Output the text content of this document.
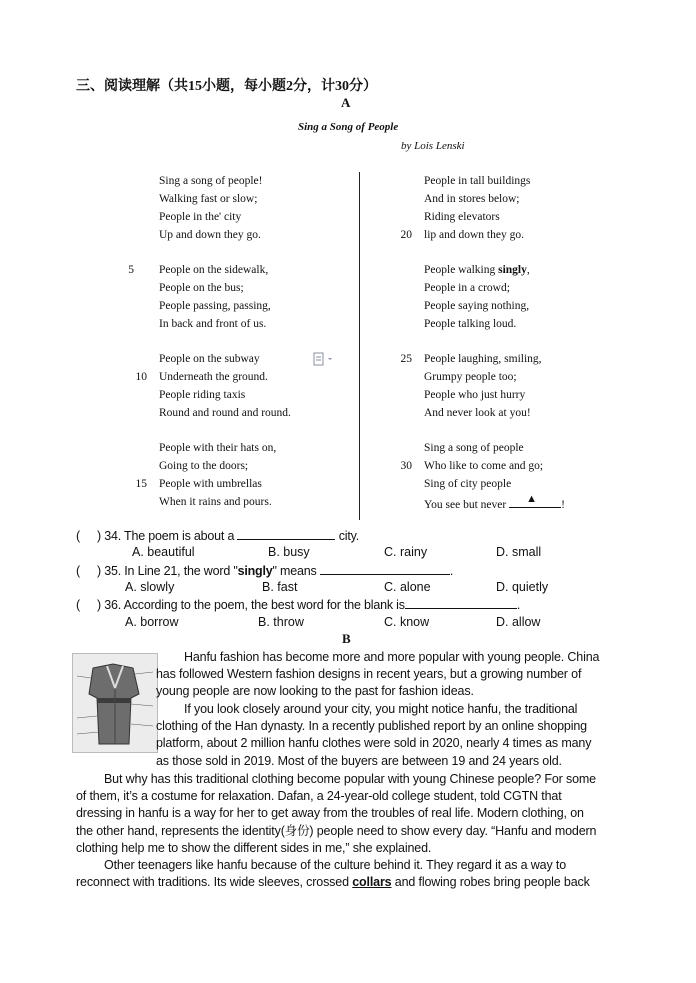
三、阅读理解（共15小题，每小题2分，计30分）
A
Sing a Song of People
by Lois Lenski
Sing a song of people!
Walking fast or slow;
People in the' city
Up and down they go.
People on the sidewalk,
People on the bus;
People passing, passing,
In back and front of us.
People on the subway
Underneath the ground.
People riding taxis
Round and round and round.
People with their hats on,
Going to the doors;
People with umbrellas
When it rains and pours.
5
10
15
20
25
30
People in tall buildings
And in stores below;
Riding elevators
lip and down they go.
People walking singly,
People in a crowd;
People saying nothing,
People talking loud.
People laughing, smiling,
Grumpy people too;
People who just hurry
And never look at you!
Sing a song of people
Who like to come and go;
Sing of city people
You see but never ▲ !
( ) 34. The poem is about a	city.
A. beautiful	B. busy	C. rainy	D. small
( ) 35. In Line 21, the word "singly" means	.
A. slowly	B. fast	C. alone	D. quietly
( ) 36. According to the poem, the best word for the blank is	.
A. borrow	B. throw	C. know	D. allow
B
Hanfu fashion has become more and more popular with young people. China
has followed Western fashion designs in recent years, but a growing number of
young people are now looking to the past for fashion ideas.
If you look closely around your city, you might notice hanfu, the traditional
clothing of the Han dynasty. In a recently published report by an online shopping
platform, about 2 million hanfu clothes were sold in 2020, nearly 4 times as many
as those sold in 2019. Most of the buyers are between 19 and 24 years old.
But why has this traditional clothing become popular with young Chinese people? For some
of them, it’s a costume for relaxation. Dafan, a 24-year-old college student, told CGTN that
dressing in hanfu is a way for her to get away from the troubles of real life. Modern clothing, on
the other hand, represents the identity(身份) people need to show every day. “Hanfu and modern
clothing help me to show the different sides in me,” she explained.
Other teenagers like hanfu because of the culture behind it. They regard it as a way to
reconnect with traditions. Its wide sleeves, crossed collars and flowing robes bring people back
